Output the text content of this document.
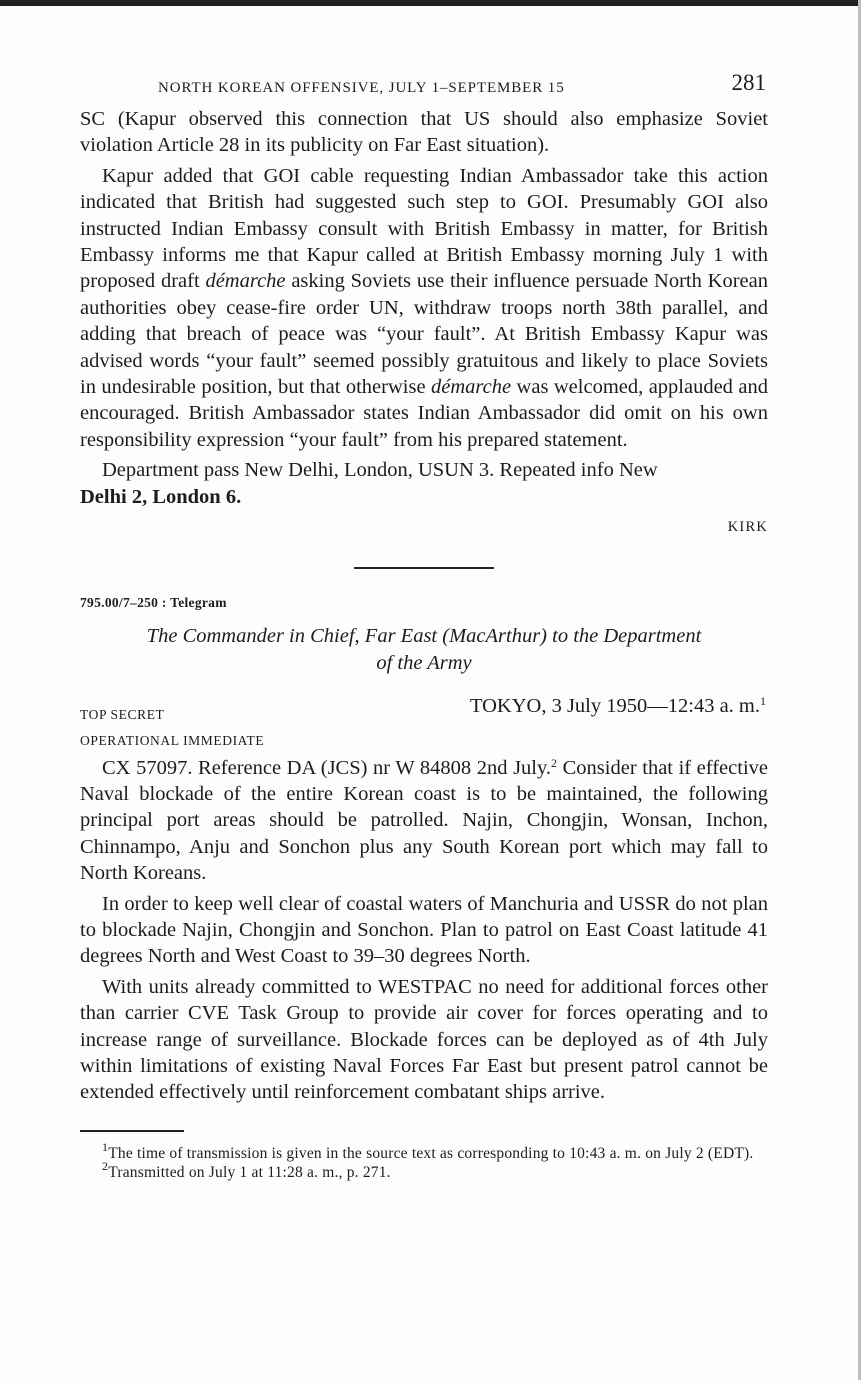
NORTH KOREAN OFFENSIVE, JULY 1–SEPTEMBER 15	281

SC (Kapur observed this connection that US should also emphasize Soviet violation Article 28 in its publicity on Far East situation).

Kapur added that GOI cable requesting Indian Ambassador take this action indicated that British had suggested such step to GOI. Presumably GOI also instructed Indian Embassy consult with British Embassy in matter, for British Embassy informs me that Kapur called at British Embassy morning July 1 with proposed draft démarche asking Soviets use their influence persuade North Korean authorities obey cease-fire order UN, withdraw troops north 38th parallel, and adding that breach of peace was “your fault”. At British Embassy Kapur was advised words “your fault” seemed possibly gratuitous and likely to place Soviets in undesirable position, but that otherwise démarche was welcomed, applauded and encouraged. British Ambassador states Indian Ambassador did omit on his own responsibility expression “your fault” from his prepared statement.

Department pass New Delhi, London, USUN 3. Repeated info New
Delhi 2, London 6.

KIRK
795.00/7–250 : Telegram
The Commander in Chief, Far East (MacArthur) to the Department
of the Army
TOP SECRET	TOKYO, 3 July 1950—12:43 a. m.$^1$
OPERATIONAL IMMEDIATE

CX 57097. Reference DA (JCS) nr W 84808 2nd July.$^2$ Consider that if effective Naval blockade of the entire Korean coast is to be maintained, the following principal port areas should be patrolled. Najin, Chongjin, Wonsan, Inchon, Chinnampo, Anju and Sonchon plus any South Korean port which may fall to North Koreans.

In order to keep well clear of coastal waters of Manchuria and USSR do not plan to blockade Najin, Chongjin and Sonchon. Plan to patrol on East Coast latitude 41 degrees North and West Coast to 39–30 degrees North.

With units already committed to WESTPAC no need for additional forces other than carrier CVE Task Group to provide air cover for forces operating and to increase range of surveillance. Blockade forces can be deployed as of 4th July within limitations of existing Naval Forces Far East but present patrol cannot be extended effectively until reinforcement combatant ships arrive.

$^1$The time of transmission is given in the source text as corresponding to 10:43 a. m. on July 2 (EDT).

$^2$Transmitted on July 1 at 11:28 a. m., p. 271.
